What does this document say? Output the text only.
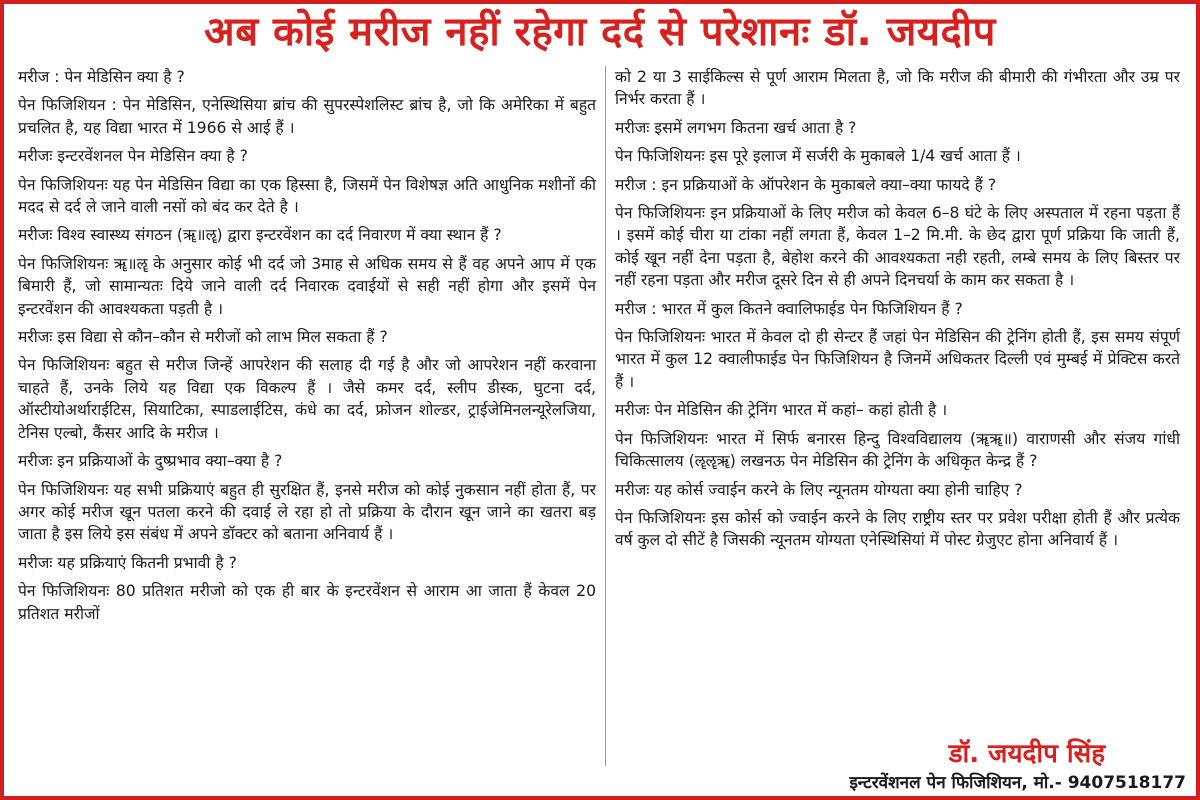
अब कोई मरीज नहीं रहेगा दर्द से परेशानः डॉ. जयदीप

मरीज : पेन मेडिसिन क्या है ?

पेन फिजिशियन : पेन मेडिसिन, एनेस्थिसिया ब्रांच की सुपरस्पेशलिस्ट ब्रांच है, जो कि अमेरिका में बहुत प्रचलित है, यह विद्या भारत में 1966 से आई हैं ।

मरीजः इन्टरवेंशनल पेन मेडिसिन क्या है ?

पेन फिजिशियनः यह पेन मेडिसिन विद्या का एक हिस्सा है, जिसमें पेन विशेषज्ञ अति आधुनिक मशीनों की मदद से दर्द ले जाने वाली नसों को बंद कर देते है ।

मरीजः विश्व स्वास्थ्य संगठन (ॠ॥ॡ) द्वारा इन्टरवेंशन का दर्द निवारण में क्या स्थान हैं ?

पेन फिजिशियनः ॠ॥ॡ के अनुसार कोई भी दर्द जो 3माह से अधिक समय से हैं वह अपने आप में एक बिमारी हैं, जो सामान्यतः दिये जाने वाली दर्द निवारक दवाईयों से सही नहीं होगा और इसमें पेन इन्टरवेंशन की आवश्यकता पड़ती है ।

मरीजः इस विद्या से कौन–कौन से मरीजों को लाभ मिल सकता हैं ?

पेन फिजिशियनः बहुत से मरीज जिन्हें आपरेशन की सलाह दी गई है और जो आपरेशन नहीं करवाना चाहते हैं, उनके लिये यह विद्या एक विकल्प हैं । जैसे कमर दर्द, स्लीप डीस्क, घुटना दर्द, ऑस्टीयोअर्थाराईटिस, सियाटिका, स्पाडलाईटिस, कंधे का दर्द, फ्रोजन शोल्डर, ट्राईजेमिनलन्यूरेलजिया, टेनिस एल्बो, कैंसर आदि के मरीज ।

मरीजः इन प्रक्रियाओं के दुष्प्रभाव क्या–क्या है ?

पेन फिजिशियनः यह सभी प्रक्रियाएं बहुत ही सुरक्षित हैं, इनसे मरीज को कोई नुकसान नहीं होता हैं, पर अगर कोई मरीज खून पतला करने की दवाई ले रहा हो तो प्रक्रिया के दौरान खून जाने का खतरा बड़ जाता है इस लिये इस संबंध में अपने डॉक्टर को बताना अनिवार्य हैं ।

मरीजः यह प्रक्रियाएं कितनी प्रभावी है ?

पेन फिजिशियनः 80 प्रतिशत मरीजो को एक ही बार के इन्टरवेंशन से आराम आ जाता हैं केवल 20 प्रतिशत मरीजों

को 2 या 3 साईकिल्स से पूर्ण आराम मिलता है, जो कि मरीज की बीमारी की गंभीरता और उम्र पर निर्भर करता हैं ।

मरीजः इसमें लगभग कितना खर्च आता है ?

पेन फिजिशियनः इस पूरे इलाज में सर्जरी के मुकाबले 1/4 खर्च आता हैं ।

मरीज : इन प्रक्रियाओं के ऑपरेशन के मुकाबले क्या–क्या फायदे हैं ?

पेन फिजिशियनः इन प्रक्रियाओं के लिए मरीज को केवल 6–8 घंटे के लिए अस्पताल में रहना पड़ता हैं । इसमें कोई चीरा या टांका नहीं लगता हैं, केवल 1–2 मि.मी. के छेद द्वारा पूर्ण प्रक्रिया कि जाती हैं, कोई खून नहीं देना पड़ता है, बेहोश करने की आवश्यकता नही रहती, लम्बे समय के लिए बिस्तर पर नहीं रहना पड़ता और मरीज दूसरे दिन से ही अपने दिनचर्या के काम कर सकता है ।

मरीज : भारत में कुल कितने क्वालिफाईड पेन फिजिशियन हैं ?

पेन फिजिशियनः भारत में केवल दो ही सेन्टर हैं जहां पेन मेडिसिन की ट्रेनिंग होती हैं, इस समय संपूर्ण भारत में कुल 12 क्वालीफाईड पेन फिजिशियन है जिनमें अधिकतर दिल्ली एवं मुम्बई में प्रेक्टिस करते हैं ।

मरीजः पेन मेडिसिन की ट्रेनिंग भारत में कहां– कहां होती है ।

पेन फिजिशियनः भारत में सिर्फ बनारस हिन्दु विश्वविद्यालय (ॠॠ॥) वाराणसी और संजय गांधी चिकित्सालय (ॡॡॠ) लखनऊ पेन मेडिसिन की ट्रेनिंग के अधिकृत केन्द्र हैं ?

मरीजः यह कोर्स ज्वाईन करने के लिए न्यूनतम योग्यता क्या होनी चाहिए ?

पेन फिजिशियनः इस कोर्स को ज्वाईन करने के लिए राष्ट्रीय स्तर पर प्रवेश परीक्षा होती हैं और प्रत्येक वर्ष कुल दो सीटें है जिसकी न्यूनतम योग्यता एनेस्थिसियां में पोस्ट ग्रेजुएट होना अनिवार्य हैं ।

डॉ. जयदीप सिंह
इन्टरवेंशनल पेन फिजिशियन, मो.- 9407518177
